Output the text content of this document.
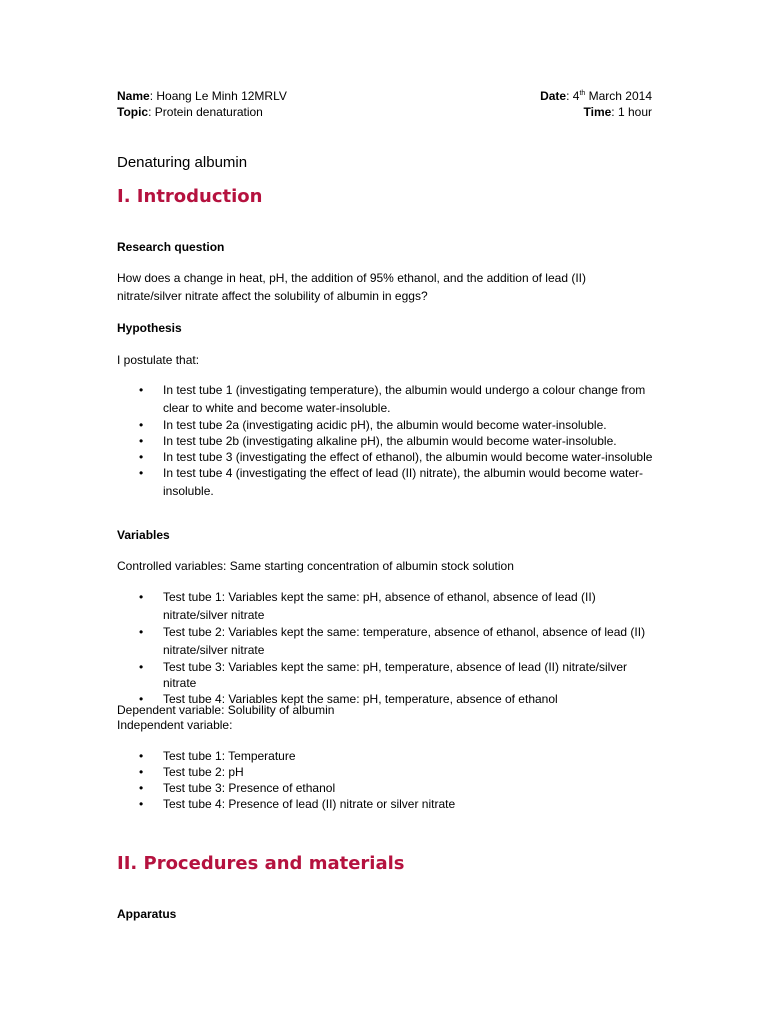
Name: Hoang Le Minh 12MRLV	Date: 4th March 2014
Topic: Protein denaturation	Time: 1 hour
Denaturing albumin
I. Introduction
Research question
How does a change in heat, pH, the addition of 95% ethanol, and the addition of lead (II) nitrate/silver nitrate affect the solubility of albumin in eggs?
Hypothesis
I postulate that:
• In test tube 1 (investigating temperature), the albumin would undergo a colour change from clear to white and become water-insoluble.
• In test tube 2a (investigating acidic pH), the albumin would become water-insoluble.
• In test tube 2b (investigating alkaline pH), the albumin would become water-insoluble.
• In test tube 3 (investigating the effect of ethanol), the albumin would become water-insoluble
• In test tube 4 (investigating the effect of lead (II) nitrate), the albumin would become water-insoluble.
Variables
Controlled variables: Same starting concentration of albumin stock solution
• Test tube 1: Variables kept the same: pH, absence of ethanol, absence of lead (II) nitrate/silver nitrate
• Test tube 2: Variables kept the same: temperature, absence of ethanol, absence of lead (II) nitrate/silver nitrate
• Test tube 3: Variables kept the same: pH, temperature, absence of lead (II) nitrate/silver nitrate
• Test tube 4: Variables kept the same: pH, temperature, absence of ethanol
Dependent variable: Solubility of albumin
Independent variable:
• Test tube 1: Temperature
• Test tube 2: pH
• Test tube 3: Presence of ethanol
• Test tube 4: Presence of lead (II) nitrate or silver nitrate
II. Procedures and materials
Apparatus
